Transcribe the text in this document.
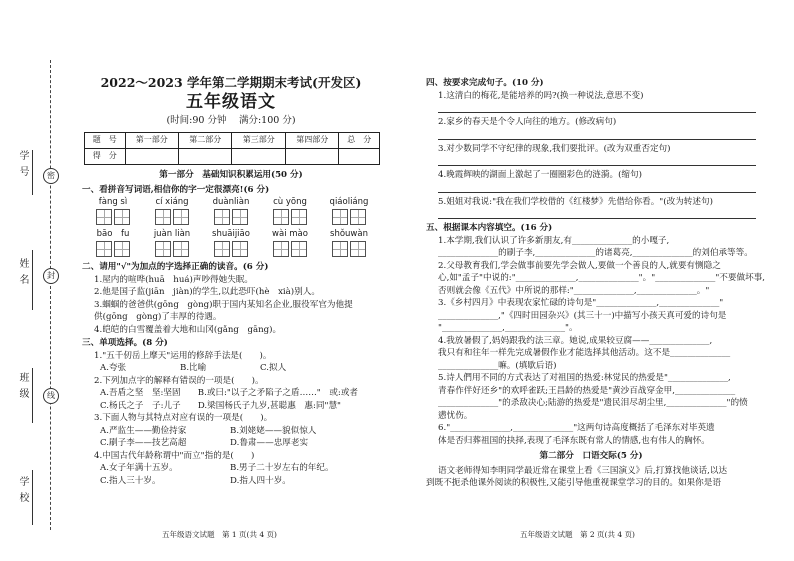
学号
姓名
班级
学校
密
封
线
2022～2023 学年第二学期期末考试(开发区)
五年级语文
(时间:90 分钟　 满分:100 分)
题　号	第一部分	第二部分	第三部分	第四部分	总　分
得　分					
第一部分　基础知识积累运用(50 分)
一、看拼音写词语,相信你的字一定很漂亮!(6 分)
fàng sì	cí xiáng	duànliàn	cù yōng	qiáoliáng
bāo　fu	juàn liàn	shuāijiāo	wài mào	shǒuwàn
二、请用"√"为加点的字选择正确的读音。(6 分)
1.屋内的喧哗(huā　huá)声吵得她失眠。
2.他是国子监(jiān　jiàn)的学生,以此恐吓(hè　xià)别人。
3.蝈蝈的爸爸供(gōng　gòng)职于国内某知名企业,服役军官为他提
供(gōng　gòng)了丰厚的待遇。
4.皑皑的白雪覆盖着大地和山冈(gǎng　gāng)。
三、单项选择。(8 分)
1."五千仞岳上摩天"运用的修辞手法是(　　)。
A.夸张	B.比喻	C.拟人
2.下列加点字的解释有错误的一项是(　　)。
A.吾盾之坚　坚:坚固　　B.或曰:"以子之矛陷子之盾……"　或:或者
C.杨氏之子　子:儿子　　D.梁国杨氏子九岁,甚聪惠　惠:同"慧"
3.下面人物与其特点对应有误的一项是(　　)。
A.严监生——勤俭持家	B.刘姥姥——貌似惊人
C.刷子李——技艺高超	D.鲁肃——忠厚老实
4.中国古代年龄称谓中"而立"指的是(　　)
A.女子年满十五岁。	B.男子二十岁左右的年纪。
C.指人三十岁。	D.指人四十岁。
四、按要求完成句子。(10 分)
1.这清白的梅花,是能培养的吗?(换一种说法,意思不变)
2.家乡的春天是个令人向往的地方。(修改病句)
3.对少数同学不守纪律的现象,我们要批评。(改为双重否定句)
4.晚霞辉映的湖面上激起了一圈圈彩色的涟漪。(缩句)
5.姐姐对我说:"我在我们学校借的《红楼梦》先借给你看。"(改为转述句)
五、根据课本内容填空。(16 分)
1.本学期,我们认识了许多新朋友,有______________的小嘎子,
______________的刷子李,______________的诸葛亮,______________的刘伯承等等。
2.父母教育我们,学会做事前要先学会做人,要做一个善良的人,就要有恻隐之
心,如"孟子"中说的:"______________,______________"。"______________"不要做坏事,
否则就会像《五代》中所说的那样:"______________,______________。"
3.《乡村四月》中表现农家忙碌的诗句是"______________,______________"
______________,"《四时田园杂兴》(其三十一)中描写小孩天真可爱的诗句是
"______________,______________"。
4.我放暑假了,妈妈跟我约法三章。她说,成果较豆腐——______________,
我只有和往年一样先完成暑假作业才能选择其他活动。这不是______________
______________嘛。(填歇后语)
5.诗人們用不同的方式表达了对祖国的热爱:林觉民的热爱是"______________,
青春作伴好还乡"的欢呼雀跃;王昌龄的热爱是"黄沙百战穿金甲,______________
______________"的杀敌决心;陆游的热爱是"遗民泪尽胡尘里,______________"的愤
懑忧伤。
6."______________,______________"这两句诗高度概括了毛泽东对毕英遗
体是否归葬祖国的抉择,表现了毛泽东既有常人的情感,也有伟人的胸怀。
第二部分　口语交际(5 分)
语文老师得知李明同学最近常在课堂上看《三国演义》后,打算找他谈话,以达
到既不扼杀他课外阅读的积极性,又能引导他重视课堂学习的目的。如果你是语
五年级语文试题　第 1 页(共 4 页)	五年级语文试题　第 2 页(共 4 页)
